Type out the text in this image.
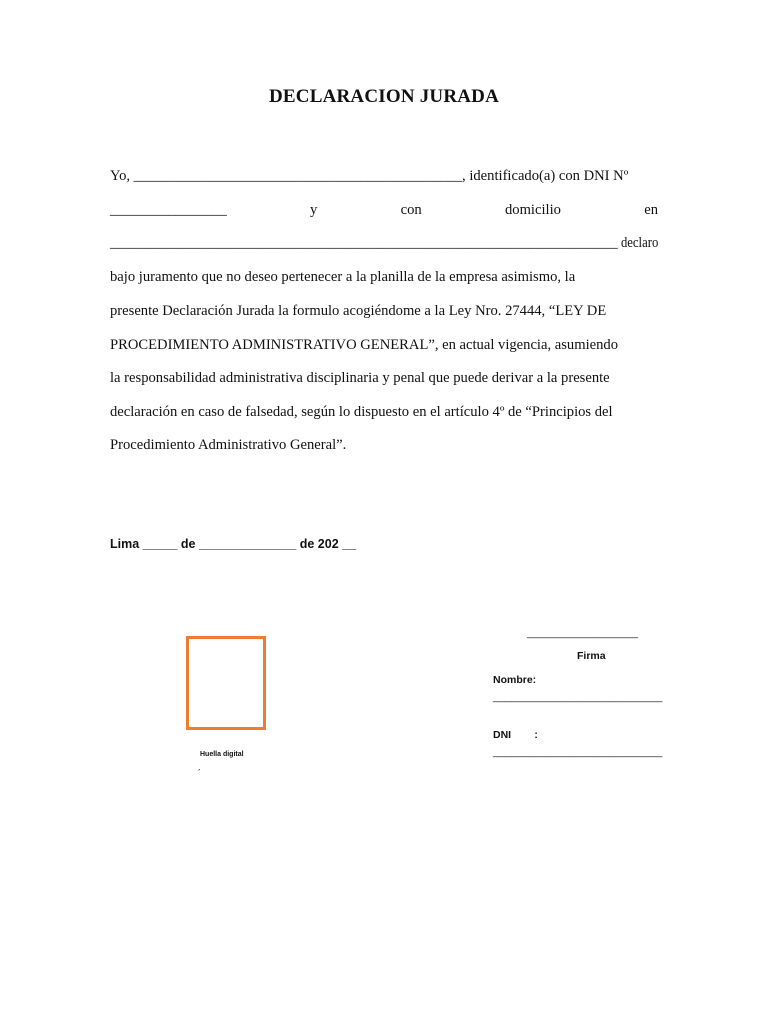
DECLARACION JURADA
Yo, _____________________________________________, identificado(a) con DNI Nº
________________                    y                    con                    domicilio                    en
________________________________________________________________________________ declaro
bajo juramento que no deseo pertenecer a la planilla de la empresa asimismo, la
presente Declaración Jurada la formulo acogiéndome a la Ley Nro. 27444, “LEY DE
PROCEDIMIENTO ADMINISTRATIVO GENERAL”, en actual vigencia, asumiendo
la responsabilidad administrativa disciplinaria y penal que puede derivar a la presente
declaración en caso de falsedad, según lo dispuesto en el artículo 4º de “Principios del
Procedimiento Administrativo General”.
Lima _____ de ______________ de 202 __
Huella digital
´
___________________
Firma
Nombre:
_____________________________
DNI        :
_____________________________
